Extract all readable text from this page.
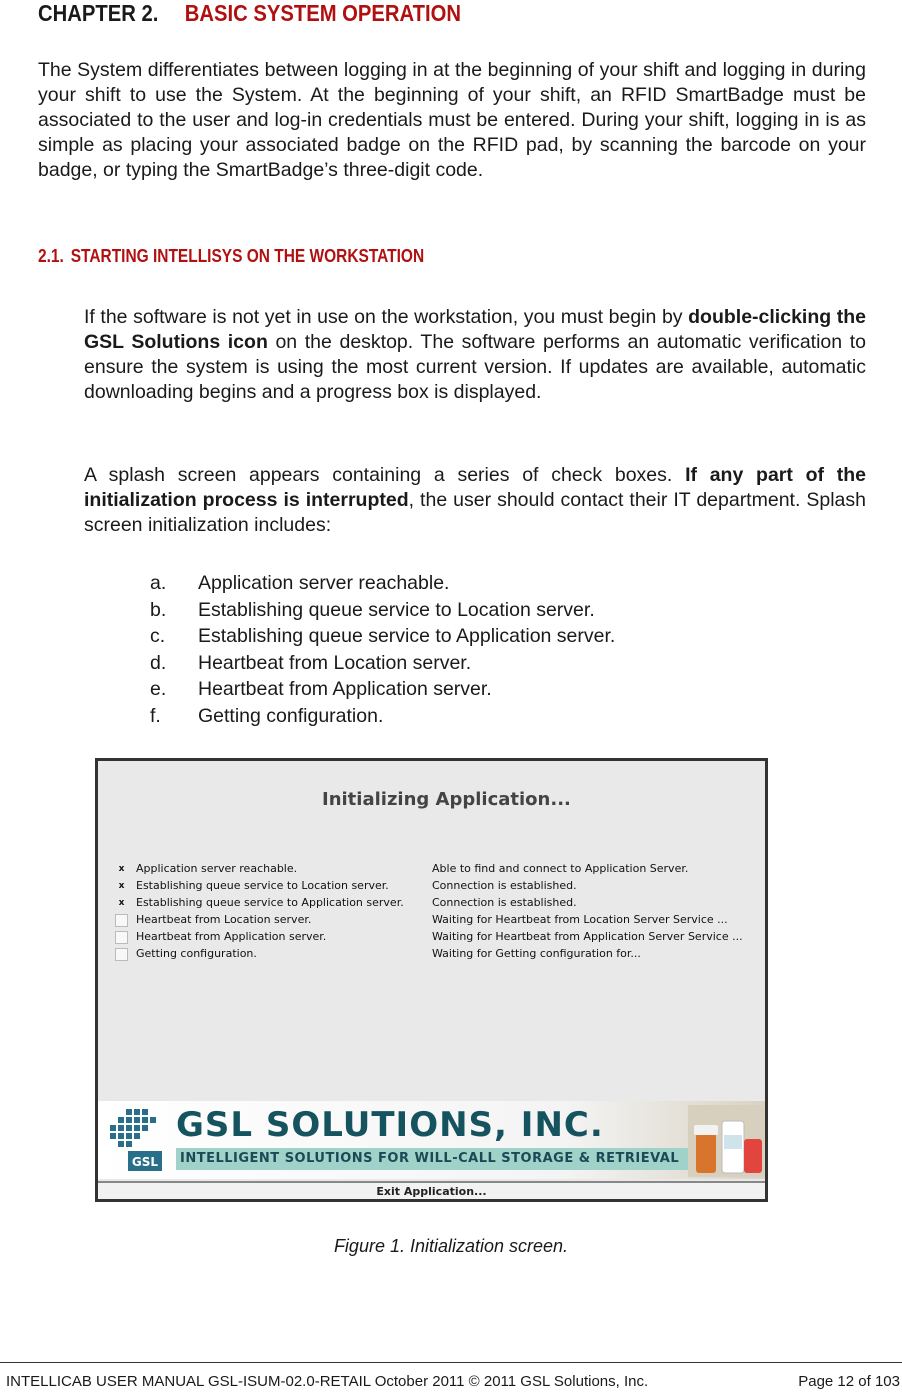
CHAPTER 2. BASIC SYSTEM OPERATION

The System differentiates between logging in at the beginning of your shift and logging in during your shift to use the System. At the beginning of your shift, an RFID SmartBadge must be associated to the user and log-in credentials must be entered. During your shift, logging in is as simple as placing your associated badge on the RFID pad, by scanning the barcode on your badge, or typing the SmartBadge’s three-digit code.

2.1. STARTING INTELLISYS ON THE WORKSTATION

If the software is not yet in use on the workstation, you must begin by double-clicking the GSL Solutions icon on the desktop. The software performs an automatic verification to ensure the system is using the most current version. If updates are available, automatic downloading begins and a progress box is displayed.

A splash screen appears containing a series of check boxes. If any part of the initialization process is interrupted, the user should contact their IT department. Splash screen initialization includes:

a. Application server reachable.
b. Establishing queue service to Location server.
c. Establishing queue service to Application server.
d. Heartbeat from Location server.
e. Heartbeat from Application server.
f. Getting configuration.
Initializing Application...
x	Application server reachable.	Able to find and connect to Application Server.
x	Establishing queue service to Location server.	Connection is established.
x	Establishing queue service to Application server.	Connection is established.
Heartbeat from Location server.	Waiting for Heartbeat from Location Server Service ...
Heartbeat from Application server.	Waiting for Heartbeat from Application Server Service ...
Getting configuration.	Waiting for Getting configuration for...
GSL
GSL SOLUTIONS, INC.
INTELLIGENT SOLUTIONS FOR WILL-CALL STORAGE & RETRIEVAL
Exit Application...

Figure 1. Initialization screen.

INTELLICAB USER MANUAL GSL-ISUM-02.0-RETAIL October 2011 © 2011 GSL Solutions, Inc.	Page 12 of 103
